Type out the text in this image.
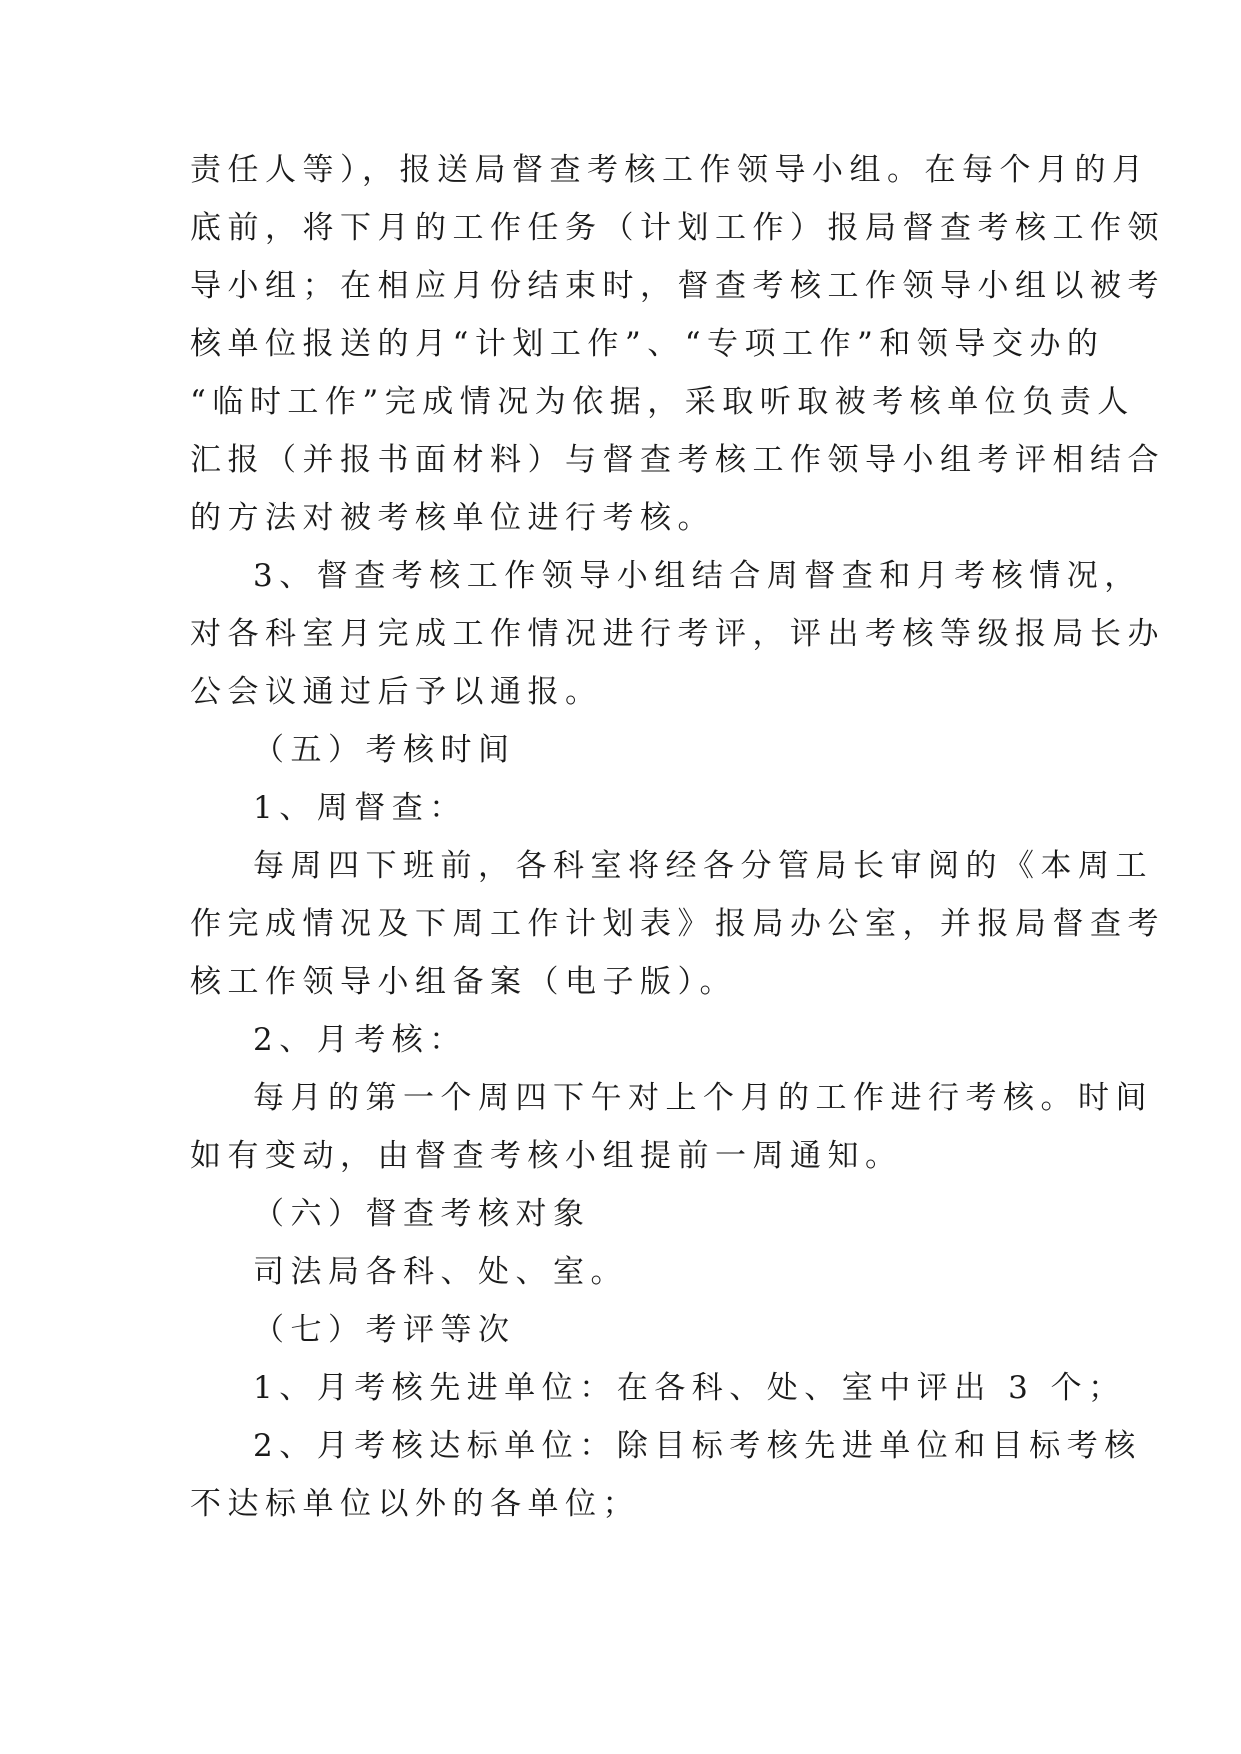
责任人等），报送局督查考核工作领导小组。在每个月的月
底前，将下月的工作任务（计划工作）报局督查考核工作领
导小组；在相应月份结束时，督查考核工作领导小组以被考
核单位报送的月“计划工作”、“专项工作”和领导交办的
“临时工作”完成情况为依据，采取听取被考核单位负责人
汇报（并报书面材料）与督查考核工作领导小组考评相结合
的方法对被考核单位进行考核。
3、督查考核工作领导小组结合周督查和月考核情况，
对各科室月完成工作情况进行考评，评出考核等级报局长办
公会议通过后予以通报。
（五）考核时间
1、周督查：
每周四下班前，各科室将经各分管局长审阅的《本周工
作完成情况及下周工作计划表》报局办公室，并报局督查考
核工作领导小组备案（电子版）。
2、月考核：
每月的第一个周四下午对上个月的工作进行考核。时间
如有变动，由督查考核小组提前一周通知。
（六）督查考核对象
司法局各科、处、室。
（七）考评等次
1、月考核先进单位：在各科、处、室中评出 3 个；
2、月考核达标单位：除目标考核先进单位和目标考核
不达标单位以外的各单位；
